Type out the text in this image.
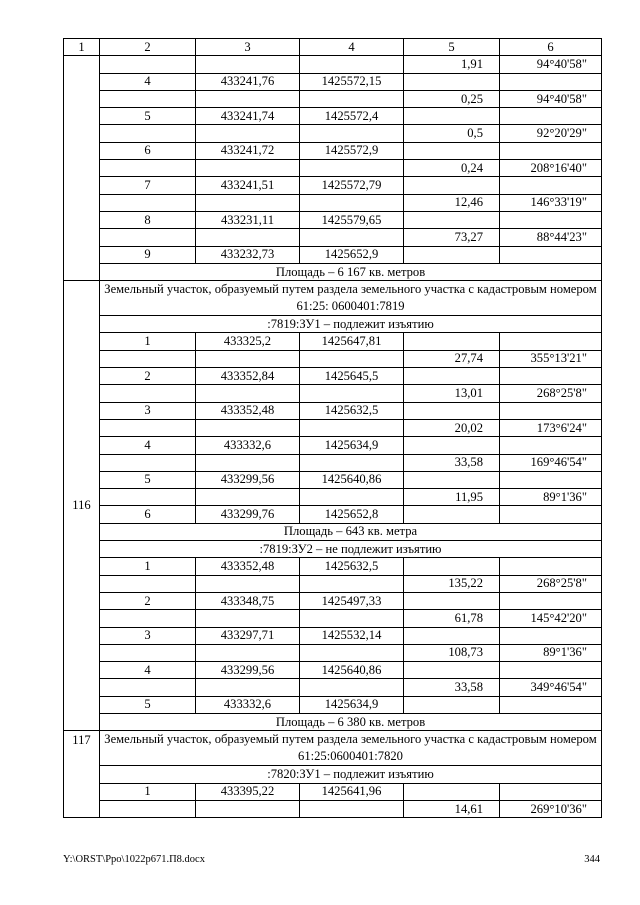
1	2	3	4	5	6
				1,91	94°40'58"
	4	433241,76	1425572,15		
				0,25	94°40'58"
	5	433241,74	1425572,4		
				0,5	92°20'29"
	6	433241,72	1425572,9		
				0,24	208°16'40"
	7	433241,51	1425572,79		
				12,46	146°33'19"
	8	433231,11	1425579,65		
				73,27	88°44'23"
	9	433232,73	1425652,9		
	Площадь – 6 167 кв. метров				
116	Земельный участок, образуемый путем раздела земельного участка с кадастровым номером 61:25: 0600401:7819				
	:7819:ЗУ1 – подлежит изъятию				
	1	433325,2	1425647,81		
				27,74	355°13'21"
	2	433352,84	1425645,5		
				13,01	268°25'8"
	3	433352,48	1425632,5		
				20,02	173°6'24"
	4	433332,6	1425634,9		
				33,58	169°46'54"
	5	433299,56	1425640,86		
				11,95	89°1'36"
	6	433299,76	1425652,8		
	Площадь – 643 кв. метра				
	:7819:ЗУ2 – не подлежит изъятию				
	1	433352,48	1425632,5		
				135,22	268°25'8"
	2	433348,75	1425497,33		
				61,78	145°42'20"
	3	433297,71	1425532,14		
				108,73	89°1'36"
	4	433299,56	1425640,86		
				33,58	349°46'54"
	5	433332,6	1425634,9		
	Площадь – 6 380 кв. метров				
117	Земельный участок, образуемый путем раздела земельного участка с кадастровым номером 61:25:0600401:7820				
	:7820:ЗУ1 – подлежит изъятию				
	1	433395,22	1425641,96		
				14,61	269°10'36"
Y:\ORST\Ppo\1022p671.П8.docx	344
